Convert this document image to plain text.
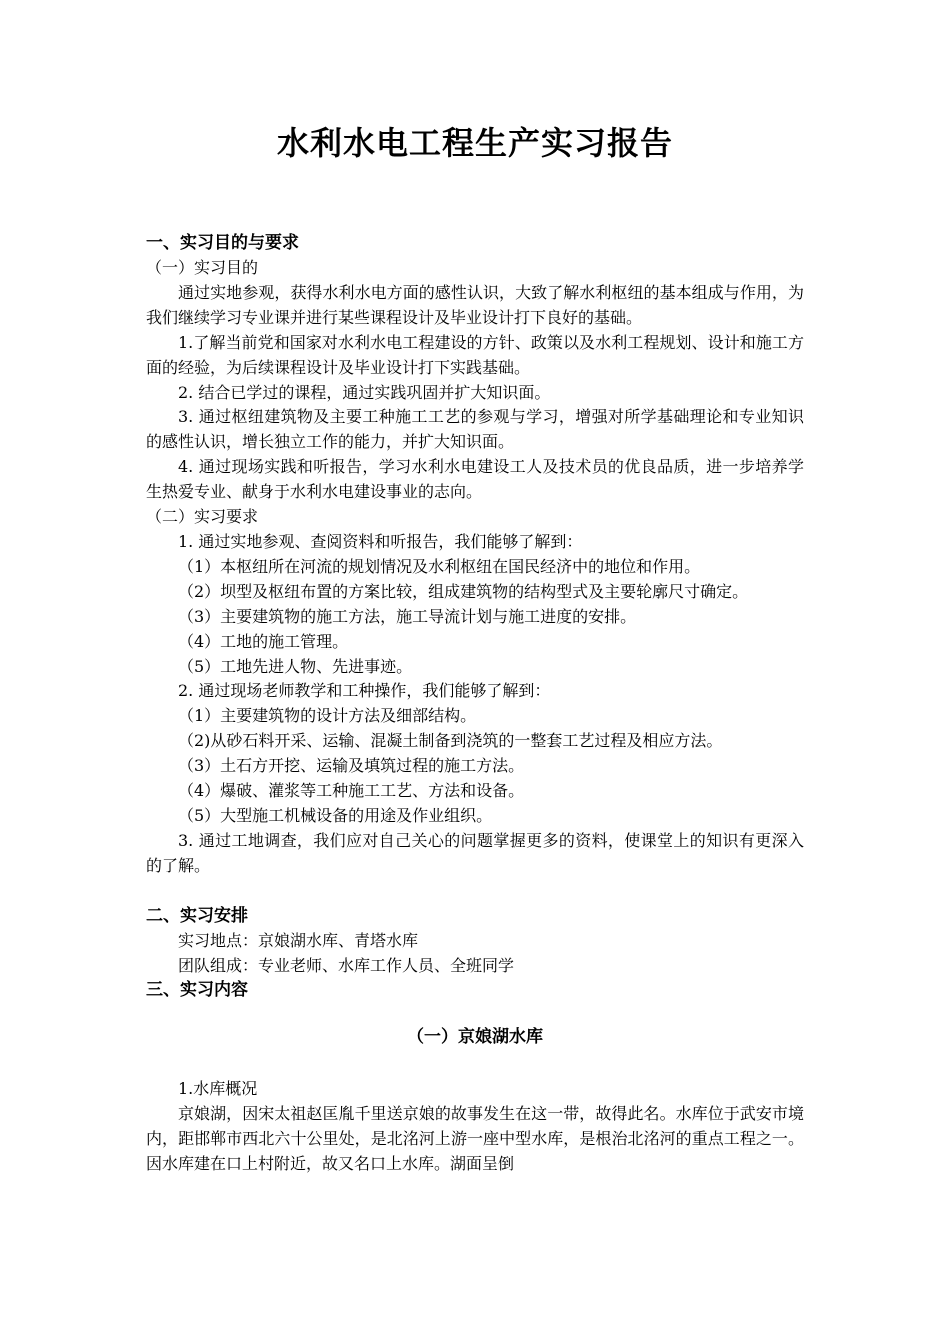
水利水电工程生产实习报告
一、实习目的与要求

（一）实习目的

通过实地参观，获得水利水电方面的感性认识，大致了解水利枢纽的基本组成与作用，为我们继续学习专业课并进行某些课程设计及毕业设计打下良好的基础。

1.了解当前党和国家对水利水电工程建设的方针、政策以及水利工程规划、设计和施工方面的经验，为后续课程设计及毕业设计打下实践基础。

2. 结合已学过的课程，通过实践巩固并扩大知识面。

3. 通过枢纽建筑物及主要工种施工工艺的参观与学习，增强对所学基础理论和专业知识的感性认识，增长独立工作的能力，并扩大知识面。

4. 通过现场实践和听报告，学习水利水电建设工人及技术员的优良品质，进一步培养学生热爱专业、献身于水利水电建设事业的志向。

（二）实习要求

1. 通过实地参观、查阅资料和听报告，我们能够了解到：

（1）本枢纽所在河流的规划情况及水利枢纽在国民经济中的地位和作用。

（2）坝型及枢纽布置的方案比较，组成建筑物的结构型式及主要轮廓尺寸确定。

（3）主要建筑物的施工方法，施工导流计划与施工进度的安排。

（4）工地的施工管理。

（5）工地先进人物、先进事迹。

2. 通过现场老师教学和工种操作，我们能够了解到：

（1）主要建筑物的设计方法及细部结构。

（2)从砂石料开采、运输、混凝土制备到浇筑的一整套工艺过程及相应方法。

（3）土石方开挖、运输及填筑过程的施工方法。

（4）爆破、灌浆等工种施工工艺、方法和设备。

（5）大型施工机械设备的用途及作业组织。

3. 通过工地调查，我们应对自己关心的问题掌握更多的资料，使课堂上的知识有更深入的了解。

二、实习安排

实习地点：京娘湖水库、青塔水库

团队组成：专业老师、水库工作人员、全班同学

三、实习内容
（一）京娘湖水库

1.水库概况

京娘湖，因宋太祖赵匡胤千里送京娘的故事发生在这一带，故得此名。水库位于武安市境内，距邯郸市西北六十公里处，是北洺河上游一座中型水库，是根治北洺河的重点工程之一。因水库建在口上村附近，故又名口上水库。湖面呈倒
